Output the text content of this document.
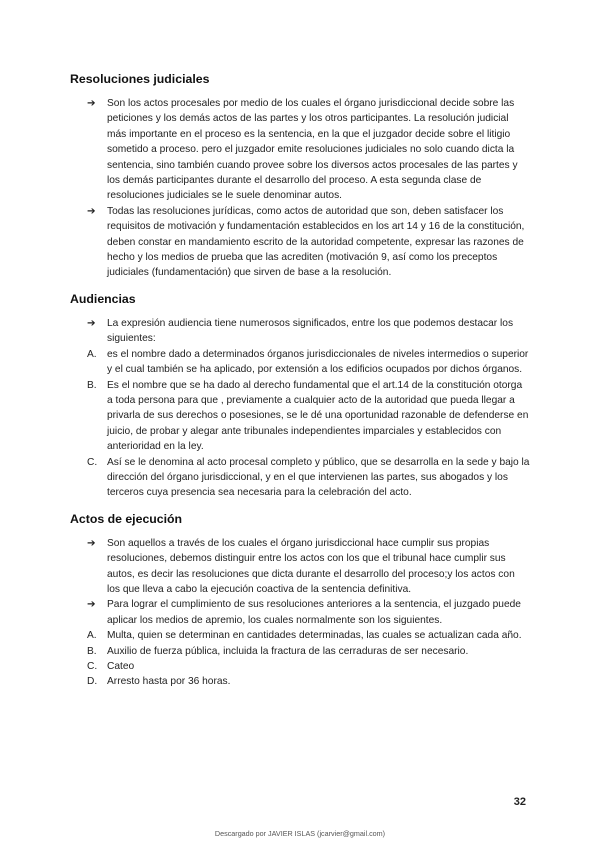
Resoluciones judiciales
➔ Son los actos procesales por medio de los cuales el órgano jurisdiccional decide sobre las peticiones y los demás actos de las partes y los otros participantes. La resolución judicial más importante en el proceso es la sentencia, en la que el juzgador decide sobre el litigio sometido a proceso. pero el juzgador emite resoluciones judiciales no solo cuando dicta la sentencia, sino también cuando provee sobre los diversos actos procesales de las partes y los demás participantes durante el desarrollo del proceso. A esta segunda clase de resoluciones judiciales se le suele denominar autos.
➔ Todas las resoluciones jurídicas, como actos de autoridad que son, deben satisfacer los requisitos de motivación y fundamentación establecidos en los art 14 y 16 de la constitución, deben constar en mandamiento escrito de la autoridad competente, expresar las razones de hecho y los medios de prueba que las acrediten (motivación 9, así como los preceptos judiciales (fundamentación) que sirven de base a la resolución.
Audiencias
➔ La expresión audiencia tiene numerosos significados, entre los que podemos destacar los siguientes:
A. es el nombre dado a determinados órganos jurisdiccionales de niveles intermedios o superior y el cual también se ha aplicado, por extensión a los edificios ocupados por dichos órganos.
B. Es el nombre que se ha dado al derecho fundamental que el art.14 de la constitución otorga a toda persona para que , previamente a cualquier acto de la autoridad que pueda llegar a privarla de sus derechos o posesiones, se le dé una oportunidad razonable de defenderse en juicio, de probar y alegar ante tribunales independientes imparciales y establecidos con anterioridad en la ley.
C. Así se le denomina al acto procesal completo y público, que se desarrolla en la sede y bajo la dirección del órgano jurisdiccional, y en el que intervienen las partes, sus abogados y los terceros cuya presencia sea necesaria para la celebración del acto.
Actos de ejecución
➔ Son aquellos a través de los cuales el órgano jurisdiccional hace cumplir sus propias resoluciones, debemos distinguir entre los actos con los que el tribunal hace cumplir sus autos, es decir las resoluciones que dicta durante el desarrollo del proceso;y los actos con los que lleva a cabo la ejecución coactiva de la sentencia definitiva.
➔ Para lograr el cumplimiento de sus resoluciones anteriores a la sentencia, el juzgado puede aplicar los medios de apremio, los cuales normalmente son los siguientes.
A. Multa, quien se determinan en cantidades determinadas, las cuales se actualizan cada año.
B. Auxilio de fuerza pública, incluida la fractura de las cerraduras de ser necesario.
C. Cateo
D. Arresto hasta por 36 horas.
32
Descargado por JAVIER ISLAS (jcarvier@gmail.com)
